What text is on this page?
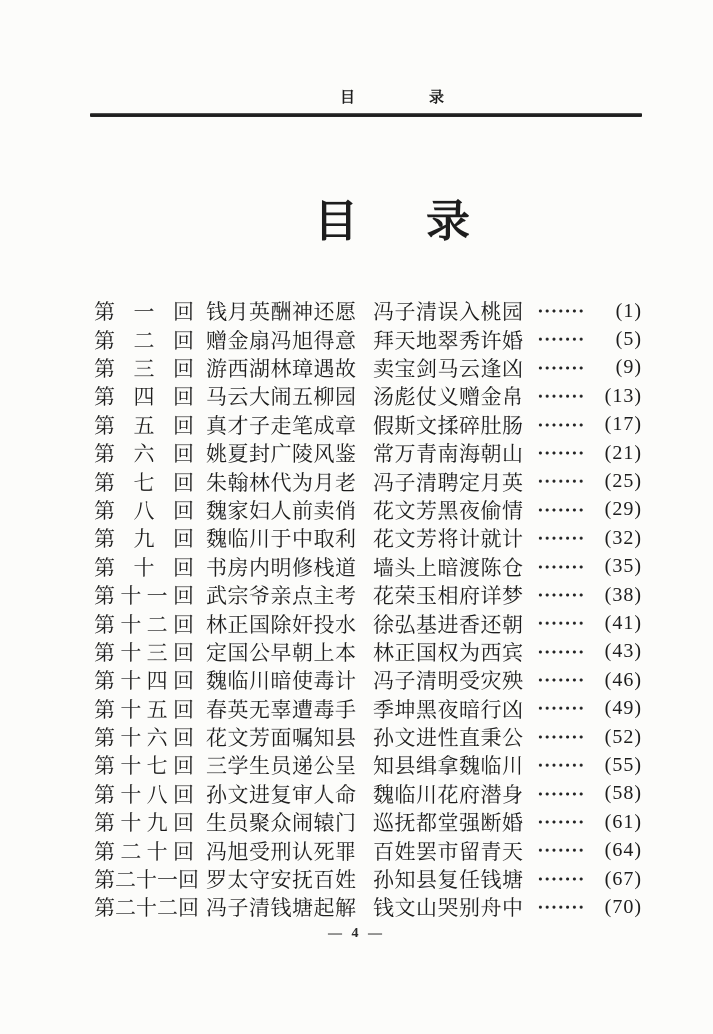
目	录
目 录
第一回 钱月英酬神还愿 冯子清误入桃园	(1)
第二回 赠金扇冯旭得意 拜天地翠秀许婚	(5)
第三回 游西湖林璋遇故 卖宝剑马云逢凶	(9)
第四回 马云大闹五柳园 汤彪仗义赠金帛	(13)
第五回 真才子走笔成章 假斯文揉碎肚肠	(17)
第六回 姚夏封广陵风鉴 常万青南海朝山	(21)
第七回 朱翰林代为月老 冯子清聘定月英	(25)
第八回 魏家妇人前卖俏 花文芳黑夜偷情	(29)
第九回 魏临川于中取利 花文芳将计就计	(32)
第十回 书房内明修栈道 墙头上暗渡陈仓	(35)
第十一回 武宗爷亲点主考 花荣玉相府详梦	(38)
第十二回 林正国除奸投水 徐弘基进香还朝	(41)
第十三回 定国公早朝上本 林正国权为西宾	(43)
第十四回 魏临川暗使毒计 冯子清明受灾殃	(46)
第十五回 春英无辜遭毒手 季坤黑夜暗行凶	(49)
第十六回 花文芳面嘱知县 孙文进性直秉公	(52)
第十七回 三学生员递公呈 知县缉拿魏临川	(55)
第十八回 孙文进复审人命 魏临川花府潜身	(58)
第十九回 生员聚众闹辕门 巡抚都堂强断婚	(61)
第二十回 冯旭受刑认死罪 百姓罢市留青天	(64)
第二十一回 罗太守安抚百姓 孙知县复任钱塘	(67)
第二十二回 冯子清钱塘起解 钱文山哭别舟中	(70)
— 4 —
